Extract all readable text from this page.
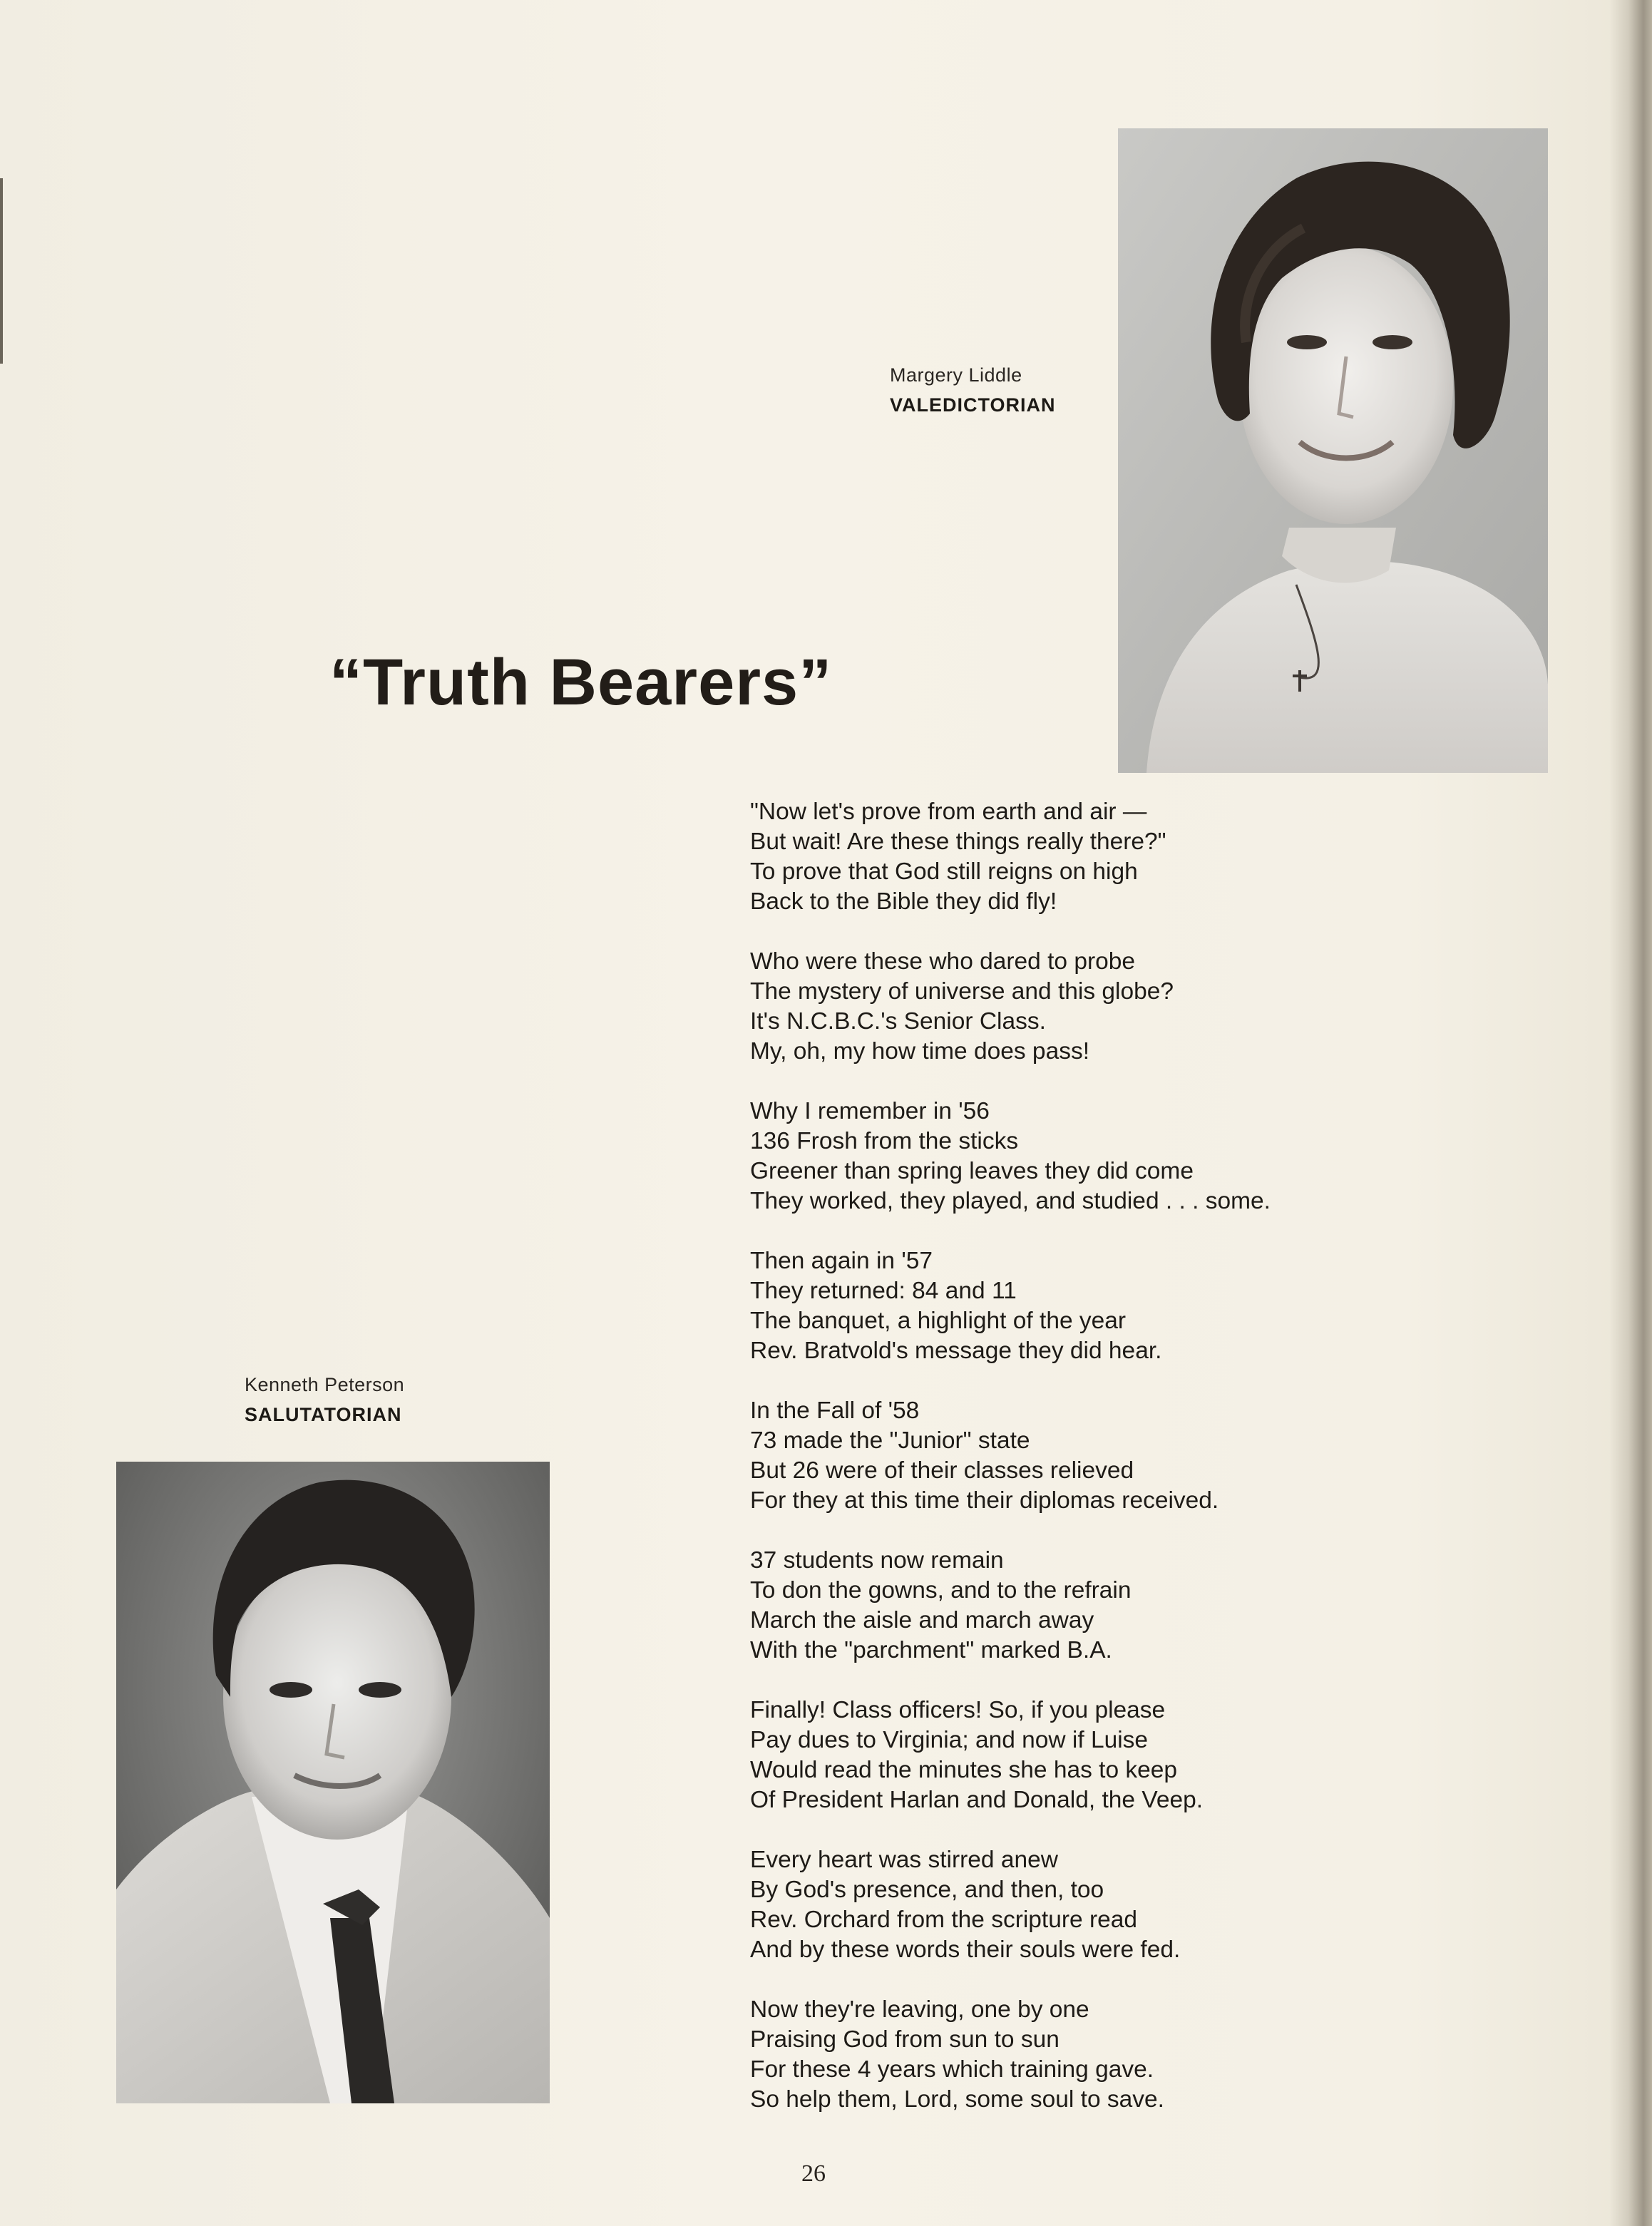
Margery Liddle
VALEDICTORIAN
“Truth Bearers”
"Now let's prove from earth and air —
But wait! Are these things really there?"
To prove that God still reigns on high
Back to the Bible they did fly!
Who were these who dared to probe
The mystery of universe and this globe?
It's N.C.B.C.'s Senior Class.
My, oh, my how time does pass!
Why I remember in '56
136 Frosh from the sticks
Greener than spring leaves they did come
They worked, they played, and studied . . . some.
Then again in '57
They returned: 84 and 11
The banquet, a highlight of the year
Rev. Bratvold's message they did hear.
In the Fall of '58
73 made the "Junior" state
But 26 were of their classes relieved
For they at this time their diplomas received.
37 students now remain
To don the gowns, and to the refrain
March the aisle and march away
With the "parchment" marked B.A.
Finally! Class officers! So, if you please
Pay dues to Virginia; and now if Luise
Would read the minutes she has to keep
Of President Harlan and Donald, the Veep.
Every heart was stirred anew
By God's presence, and then, too
Rev. Orchard from the scripture read
And by these words their souls were fed.
Now they're leaving, one by one
Praising God from sun to sun
For these 4 years which training gave.
So help them, Lord, some soul to save.
Kenneth Peterson
SALUTATORIAN
26
